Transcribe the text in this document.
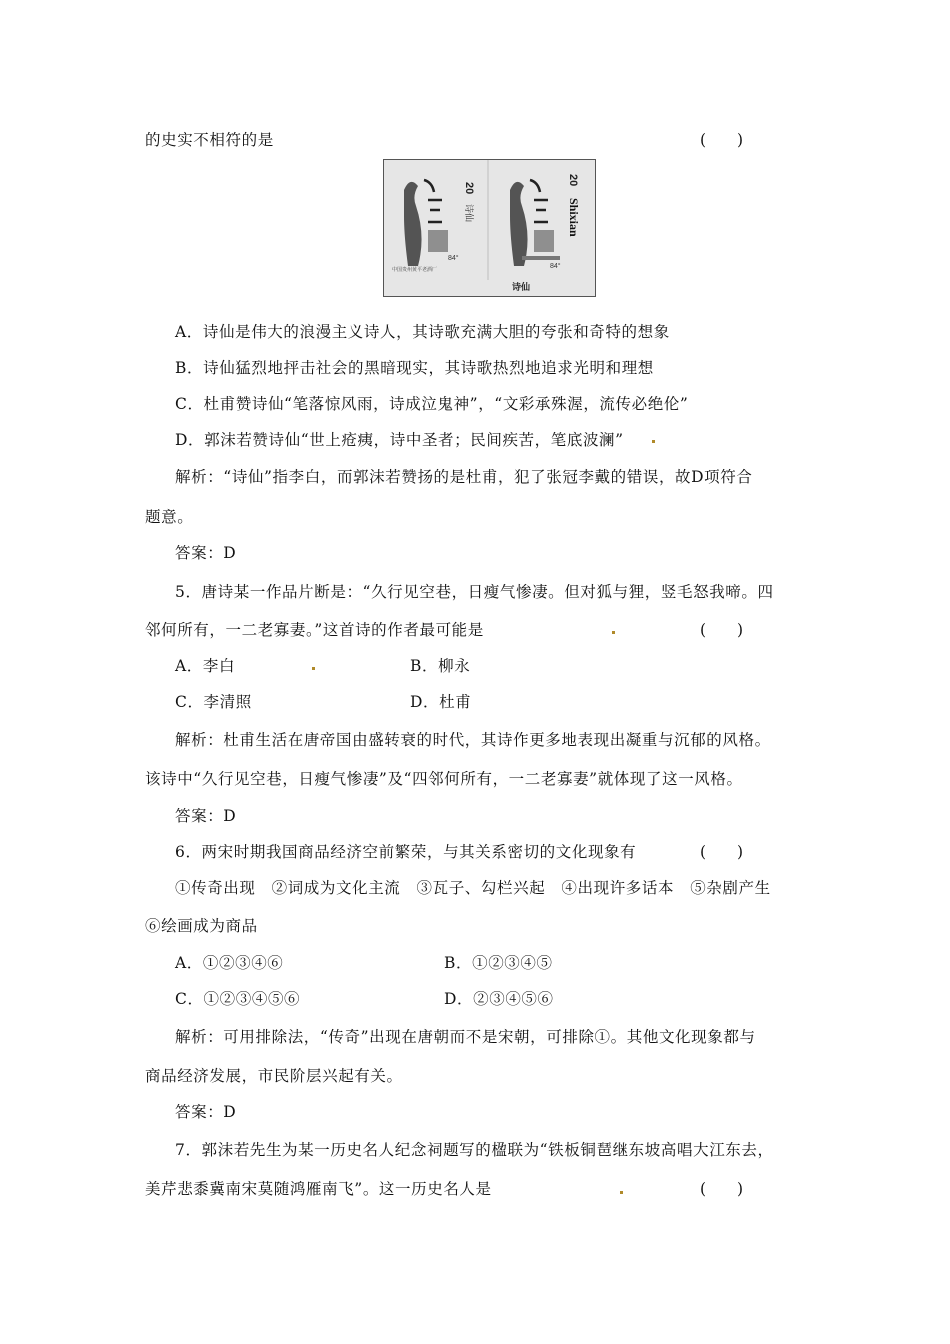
的史实不相符的是	(　　)
20
诗仙
84°
中国贵州黄平老酒厂
20
Shixian
84°
诗仙
A．诗仙是伟大的浪漫主义诗人，其诗歌充满大胆的夸张和奇特的想象
B．诗仙猛烈地抨击社会的黑暗现实，其诗歌热烈地追求光明和理想
C．杜甫赞诗仙“笔落惊风雨，诗成泣鬼神”，“文彩承殊渥，流传必绝伦”
D．郭沫若赞诗仙“世上疮痍，诗中圣者；民间疾苦，笔底波澜”
解析：“诗仙”指李白，而郭沫若赞扬的是杜甫，犯了张冠李戴的错误，故D项符合
题意。
答案：D
5．唐诗某一作品片断是：“久行见空巷，日瘦气惨凄。但对狐与狸，竖毛怒我啼。四
邻何所有，一二老寡妻。”这首诗的作者最可能是	(　　)
A．李白	B．柳永
C．李清照	D．杜甫
解析：杜甫生活在唐帝国由盛转衰的时代，其诗作更多地表现出凝重与沉郁的风格。
该诗中“久行见空巷，日瘦气惨凄”及“四邻何所有，一二老寡妻”就体现了这一风格。
答案：D
6．两宋时期我国商品经济空前繁荣，与其关系密切的文化现象有	(　　)
①传奇出现　②词成为文化主流　③瓦子、勾栏兴起　④出现许多话本　⑤杂剧产生
⑥绘画成为商品
A．①②③④⑥	B．①②③④⑤
C．①②③④⑤⑥	D．②③④⑤⑥
解析：可用排除法，“传奇”出现在唐朝而不是宋朝，可排除①。其他文化现象都与
商品经济发展，市民阶层兴起有关。
答案：D
7．郭沫若先生为某一历史名人纪念祠题写的楹联为“铁板铜琶继东坡高唱大江东去，
美芹悲黍冀南宋莫随鸿雁南飞”。这一历史名人是	(　　)
